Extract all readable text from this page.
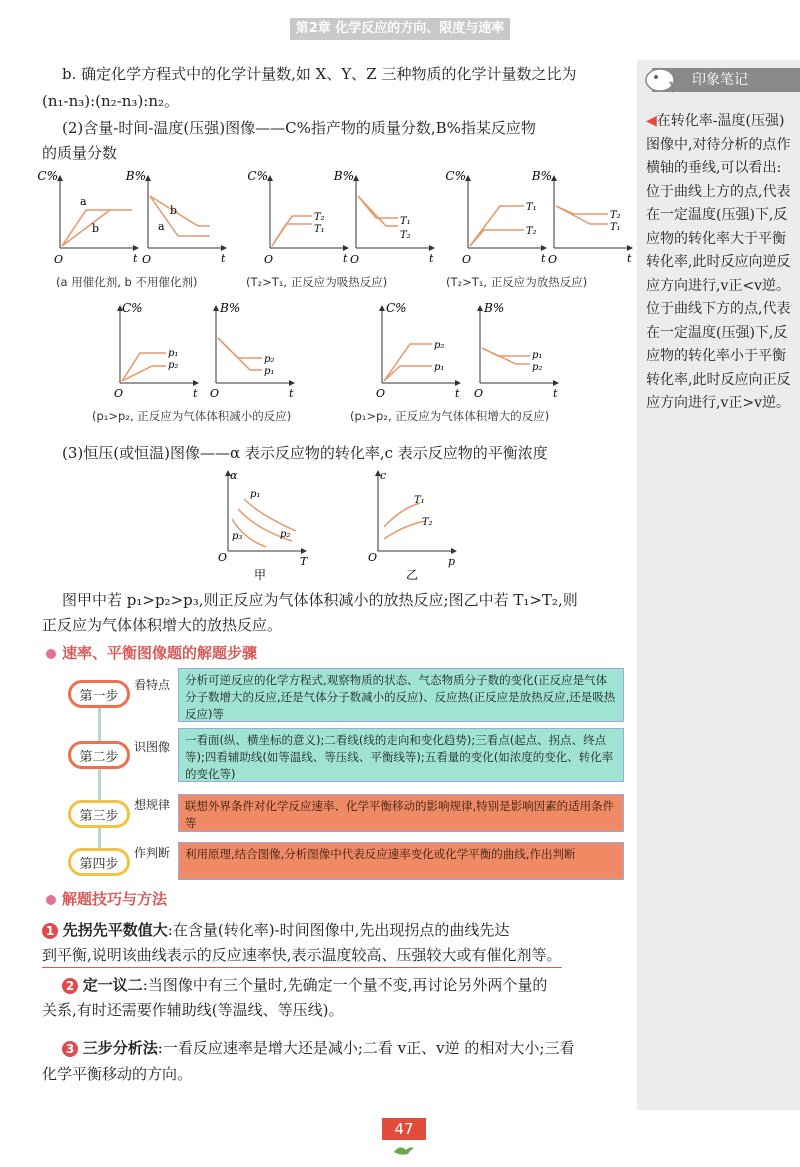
第2章 化学反应的方向、限度与速率
印象笔记
◀在转化率-温度(压强)图像中,对待分析的点作横轴的垂线,可以看出:位于曲线上方的点,代表在一定温度(压强)下,反应物的转化率大于平衡转化率,此时反应向逆反应方向进行,v正<v逆。位于曲线下方的点,代表在一定温度(压强)下,反应物的转化率小于平衡转化率,此时反应向正反应方向进行,v正>v逆。
b. 确定化学方程式中的化学计量数,如 X、Y、Z 三种物质的化学计量数之比为
(n₁-n₃):(n₂-n₃):n₂。
(2)含量-时间-温度(压强)图像——C%指产物的质量分数,B%指某反应物
的质量分数
C%
O	t
a
b
B%
O	t
b
a
C%
O	t
T₂
T₁
B%
O	t
T₁
T₂
C%
O	t
T₁
T₂
B%
O	t
T₂
T₁
(a 用催化剂, b 不用催化剂)	(T₂>T₁, 正反应为吸热反应)	(T₂>T₁, 正反应为放热反应)
C%
O	t
p₁
p₂
B%
O	t
p₂
p₁
C%
O	t
p₂
p₁
B%
O	t
p₁
p₂
(p₁>p₂, 正反应为气体体积减小的反应)	(p₁>p₂, 正反应为气体体积增大的反应)
(3)恒压(或恒温)图像——α 表示反应物的转化率,c 表示反应物的平衡浓度
α
O	T
p₁
p₃	p₂
c
O	p
T₁
T₂
甲	乙
图甲中若 p₁>p₂>p₃,则正反应为气体体积减小的放热反应;图乙中若 T₁>T₂,则
正反应为气体体积增大的放热反应。
速率、平衡图像题的解题步骤
第一步
看特点	分析可逆反应的化学方程式,观察物质的状态、气态物质分子数的变化(正反应是气体分子数增大的反应,还是气体分子数减小的反应)、反应热(正反应是放热反应,还是吸热反应)等
第二步
识图像	一看面(纵、横坐标的意义);二看线(线的走向和变化趋势);三看点(起点、拐点、终点等);四看辅助线(如等温线、等压线、平衡线等);五看量的变化(如浓度的变化、转化率的变化等)
第三步
想规律	联想外界条件对化学反应速率、化学平衡移动的影响规律,特别是影响因素的适用条件等
第四步
作判断	利用原理,结合图像,分析图像中代表反应速率变化或化学平衡的曲线,作出判断
解题技巧与方法
1 先拐先平数值大:在含量(转化率)-时间图像中,先出现拐点的曲线先达
到平衡,说明该曲线表示的反应速率快,表示温度较高、压强较大或有催化剂等。
2 定一议二:当图像中有三个量时,先确定一个量不变,再讨论另外两个量的
关系,有时还需要作辅助线(等温线、等压线)。
3 三步分析法:一看反应速率是增大还是减小;二看 v正、v逆 的相对大小;三看
化学平衡移动的方向。
47
